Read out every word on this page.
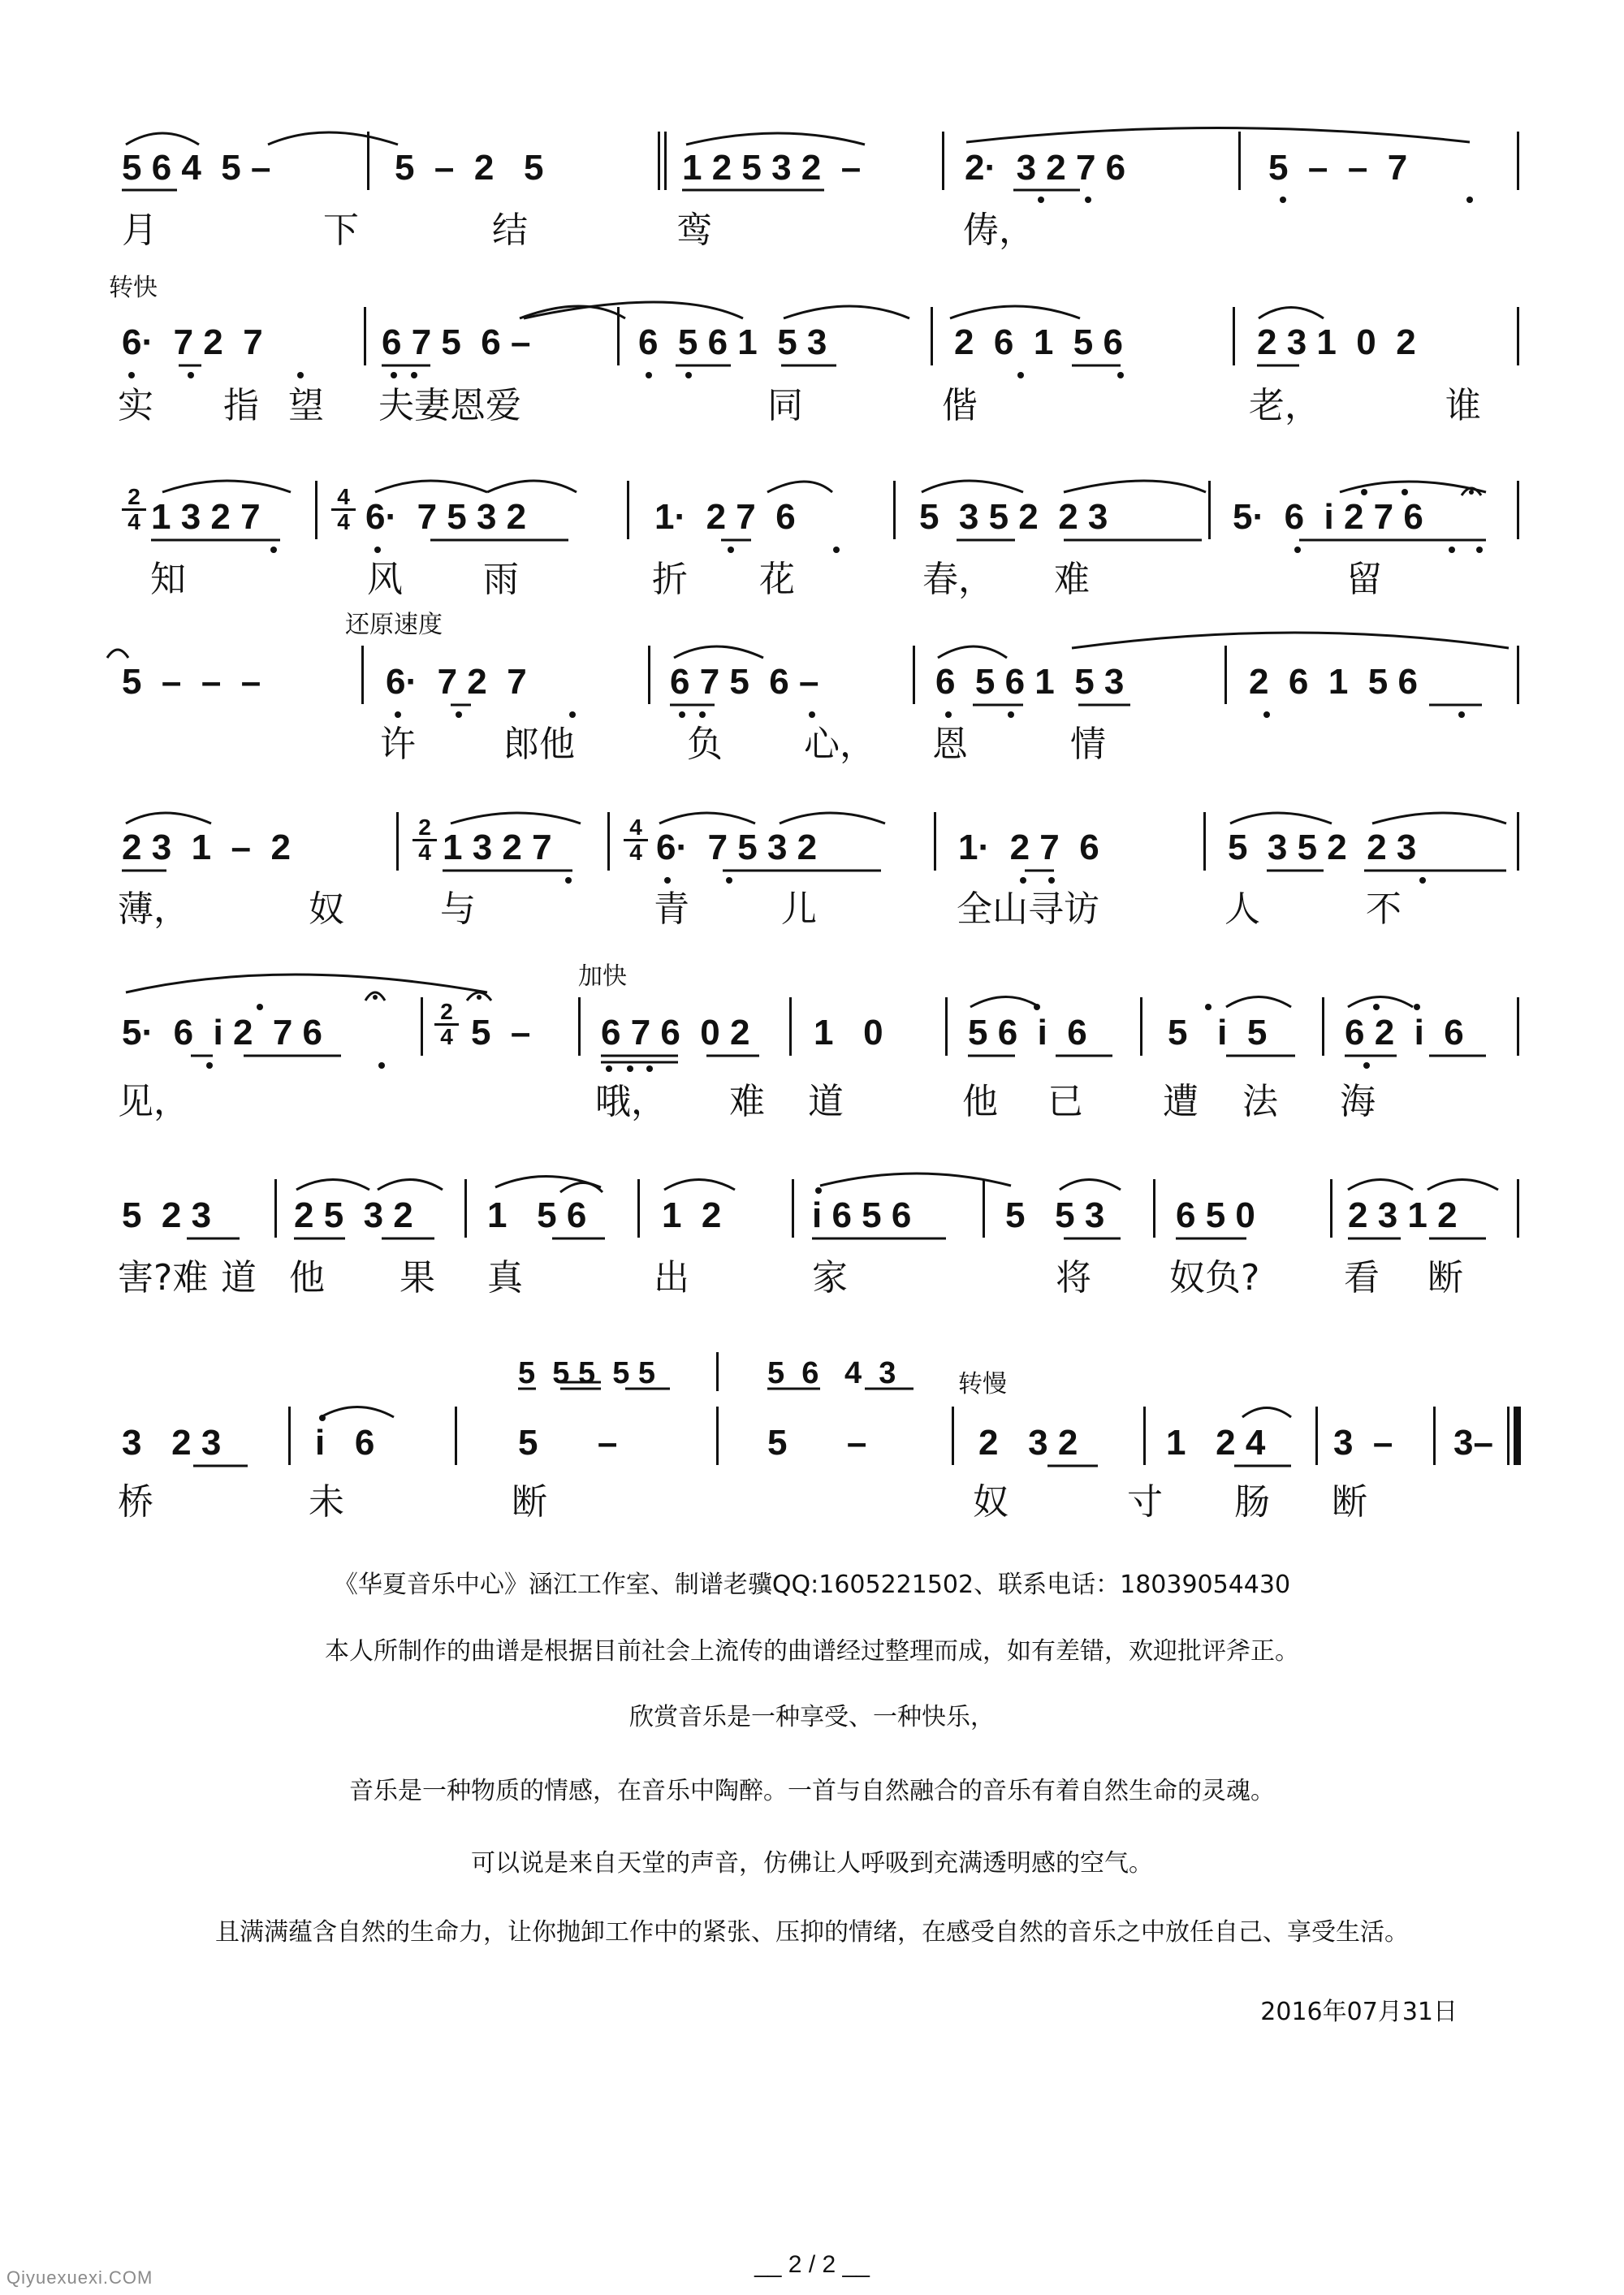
5 6 4  5 –	5  –  2   5	1 2 5 3 2  –	2·  3 2 7 6	5  –  –  7
月	下	结	鸾	俦，
转快
6·  7 2  7	6 7 5  6 –	6  5 6 1  5 3	2  6  1  5 6	2 3 1  0  2
实 指 望 夫妻恩爱	同	偕	老，	谁
2
4 1 3 2 7
4
4 6·  7 5 3 2	1·  2 7  6	5  3 5 2  2 3	5·  6  i 2 7 6
知	风 雨	折 花	春， 难	留
还原速度
5  –  –  –	6·  7 2  7	6 7 5  6 –	6  5 6 1  5 3	2  6  1  5 6
许 郎他	负 心， 恩	情
2 3  1  –  2
2
4 1 3 2 7
4
4 6·  7 5 3 2	1·  2 7  6	5  3 5 2  2 3
薄，	奴	与	青	儿	全山寻访	人	不
加快
5·  6  i 2  7 6
2
4 5  – 6 7 6  0 2 1   0 5 6  i  6 5   i  5 6 2  i  6
见，	哦， 难 道	他 已 遭 法 海
5  2 3 2 5  3 2 1   5 6 1  2	i 6 5 6	5   5 3 6 5 0	2 3 1 2
害?难 道 他 果 真	出	家	将 奴负? 看 断
5  5 5  5 5	5  6   4  3	转慢
3   2 3	i   6	5      –	5      –	2   3 2 1   2 4 3  – 3–
桥	未	断	奴	寸 肠 断
《华夏音乐中心》涵江工作室、制谱老骥QQ:1605221502、联系电话：18039054430
本人所制作的曲谱是根据目前社会上流传的曲谱经过整理而成，如有差错，欢迎批评斧正。
欣赏音乐是一种享受、一种快乐，
音乐是一种物质的情感，在音乐中陶醉。一首与自然融合的音乐有着自然生命的灵魂。
可以说是来自天堂的声音，仿佛让人呼吸到充满透明感的空气。
且满满蕴含自然的生命力，让你抛卸工作中的紧张、压抑的情绪，在感受自然的音乐之中放任自己、享受生活。
2016年07月31日
__ 2 / 2 __
Qiyuexuexi.COM
